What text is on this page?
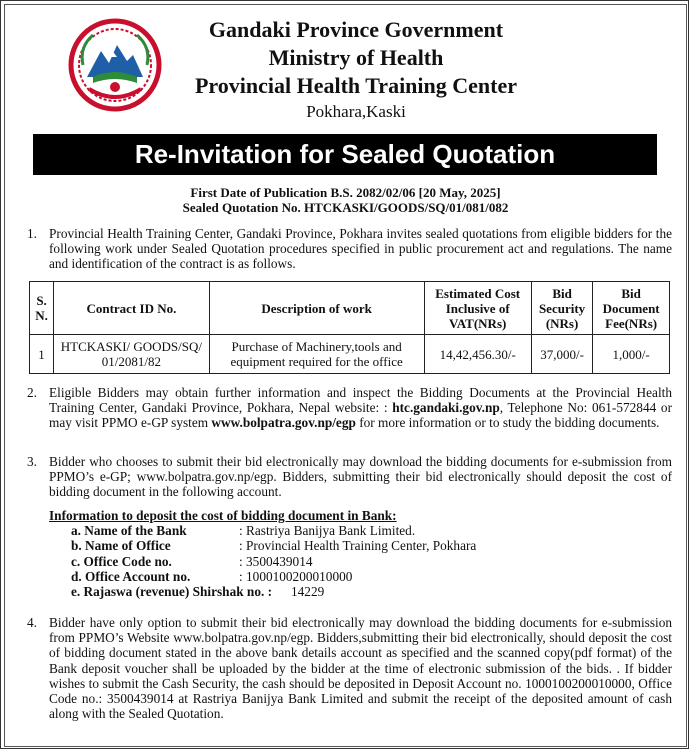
Gandaki Province Government
Ministry of Health
Provincial Health Training Center
Pokhara,Kaski
Re-Invitation for Sealed Quotation
First Date of Publication B.S. 2082/02/06 [20 May, 2025]
Sealed Quotation No. HTCKASKI/GOODS/SQ/01/081/082
1. Provincial Health Training Center, Gandaki Province, Pokhara invites sealed quotations from eligible bidders for the following work under Sealed Quotation procedures specified in public procurement act and regulations. The name and identification of the contract is as follows.
S. N.	Contract ID No.	Description of work	Estimated Cost Inclusive of VAT(NRs)	Bid Security (NRs)	Bid Document Fee(NRs)
1	HTCKASKI/ GOODS/SQ/ 01/2081/82	Purchase of Machinery,tools and equipment required for the office	14,42,456.30/-	37,000/-	1,000/-
2. Eligible Bidders may obtain further information and inspect the Bidding Documents at the Provincial Health Training Center, Gandaki Province, Pokhara, Nepal website: : htc.gandaki.gov.np, Telephone No: 061-572844 or may visit PPMO e-GP system www.bolpatra.gov.np/egp for more information or to study the bidding documents.
3. Bidder who chooses to submit their bid electronically may download the bidding documents for e-submission from PPMO’s e-GP; www.bolpatra.gov.np/egp. Bidders, submitting their bid electronically should deposit the cost of bidding document in the following account.
Information to deposit the cost of bidding document in Bank:
a. Name of the Bank	: Rastriya Banijya Bank Limited.
b. Name of Office	: Provincial Health Training Center, Pokhara
c. Office Code no.	: 3500439014
d. Office Account no.	: 1000100200010000
e. Rajaswa (revenue) Shirshak no. : 14229
4. Bidder have only option to submit their bid electronically may download the bidding documents for e-submission from PPMO’s Website www.bolpatra.gov.np/egp. Bidders,submitting their bid electronically, should deposit the cost of bidding document stated in the above bank details account as specified and the scanned copy(pdf format) of the Bank deposit voucher shall be uploaded by the bidder at the time of electronic submission of the bids. . If bidder wishes to submit the Cash Security, the cash should be deposited in Deposit Account no. 1000100200010000, Office Code no.: 3500439014 at Rastriya Banijya Bank Limited and submit the receipt of the deposited amount of cash along with the Sealed Quotation.
